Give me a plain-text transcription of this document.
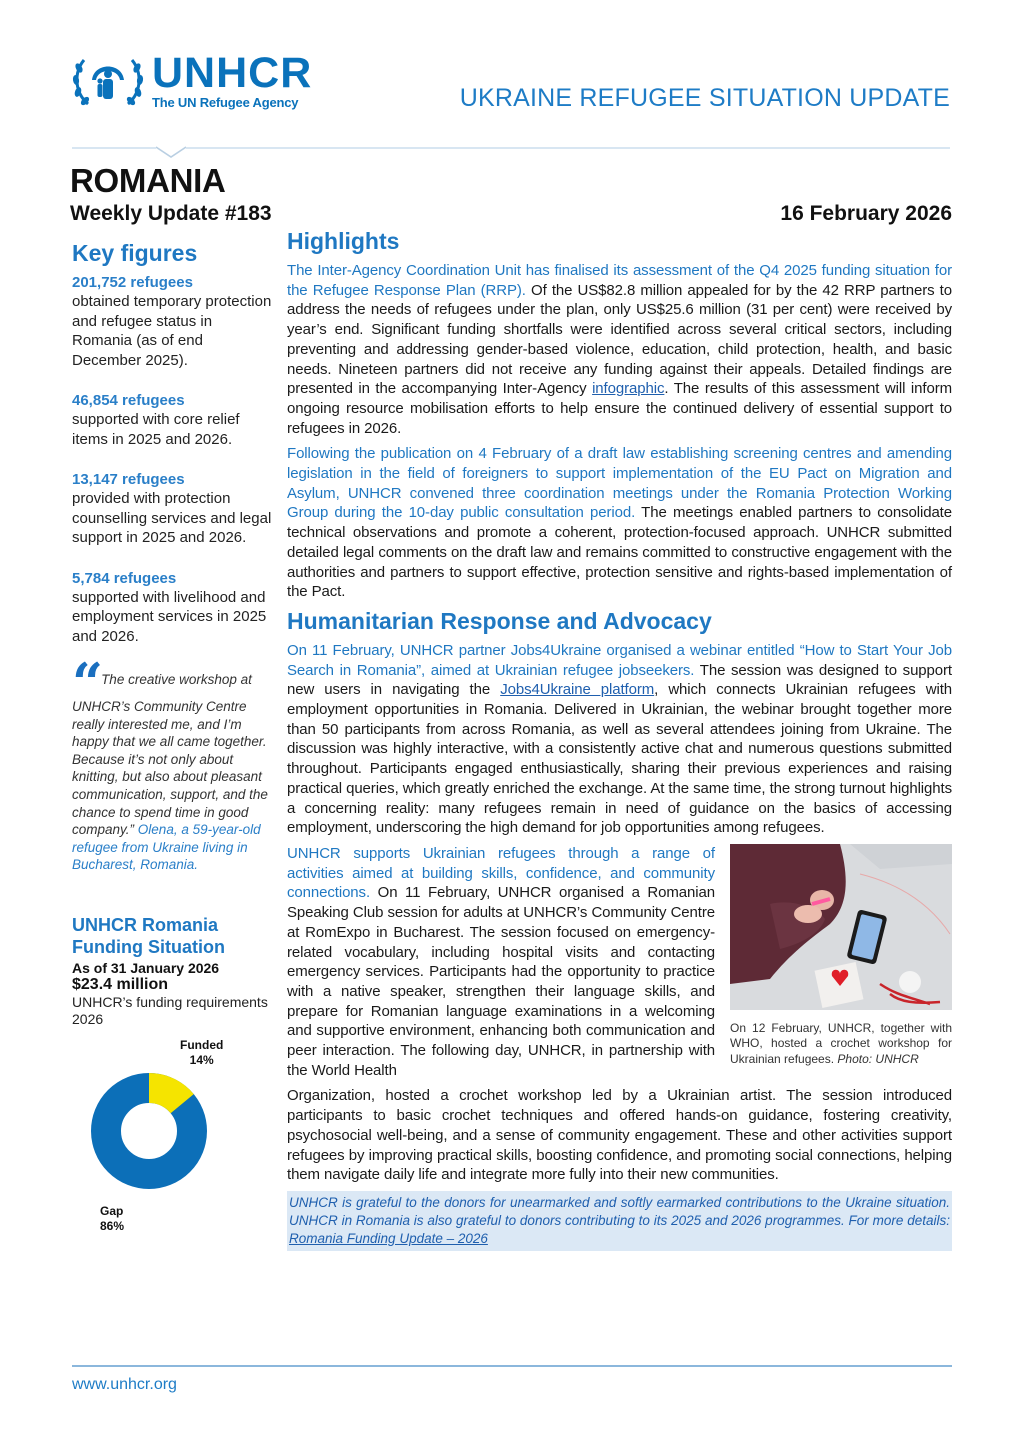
UNHCR
The UN Refugee Agency	UKRAINE REFUGEE SITUATION UPDATE
ROMANIA
Weekly Update #183	16 February 2026
Key figures
201,752 refugees
obtained temporary protection and refugee status in Romania (as of end December 2025).
46,854 refugees
supported with core relief items in 2025 and 2026.
13,147 refugees
provided with protection counselling services and legal support in 2025 and 2026.
5,784 refugees
supported with livelihood and employment services in 2025 and 2026.
“ The creative workshop at UNHCR’s Community Centre really interested me, and I’m happy that we all came together. Because it’s not only about knitting, but also about pleasant communication, support, and the chance to spend time in good company.” Olena, a 59-year-old refugee from Ukraine living in Bucharest, Romania.
UNHCR Romania Funding Situation
As of 31 January 2026
$23.4 million
UNHCR’s funding requirements 2026
Funded
14%
Gap
86%
Highlights

The Inter-Agency Coordination Unit has finalised its assessment of the Q4 2025 funding situation for the Refugee Response Plan (RRP). Of the US$82.8 million appealed for by the 42 RRP partners to address the needs of refugees under the plan, only US$25.6 million (31 per cent) were received by year’s end. Significant funding shortfalls were identified across several critical sectors, including preventing and addressing gender-based violence, education, child protection, health, and basic needs. Nineteen partners did not receive any funding against their appeals. Detailed findings are presented in the accompanying Inter-Agency infographic. The results of this assessment will inform ongoing resource mobilisation efforts to help ensure the continued delivery of essential support to refugees in 2026.

Following the publication on 4 February of a draft law establishing screening centres and amending legislation in the field of foreigners to support implementation of the EU Pact on Migration and Asylum, UNHCR convened three coordination meetings under the Romania Protection Working Group during the 10-day public consultation period. The meetings enabled partners to consolidate technical observations and promote a coherent, protection-focused approach. UNHCR submitted detailed legal comments on the draft law and remains committed to constructive engagement with the authorities and partners to support effective, protection sensitive and rights-based implementation of the Pact.

Humanitarian Response and Advocacy

On 11 February, UNHCR partner Jobs4Ukraine organised a webinar entitled “How to Start Your Job Search in Romania”, aimed at Ukrainian refugee jobseekers. The session was designed to support new users in navigating the Jobs4Ukraine platform, which connects Ukrainian refugees with employment opportunities in Romania. Delivered in Ukrainian, the webinar brought together more than 50 participants from across Romania, as well as several attendees joining from Ukraine. The discussion was highly interactive, with a consistently active chat and numerous questions submitted throughout. Participants engaged enthusiastically, sharing their previous experiences and raising practical queries, which greatly enriched the exchange. At the same time, the strong turnout highlights a concerning reality: many refugees remain in need of guidance on the basics of accessing employment, underscoring the high demand for job opportunities among refugees.

UNHCR supports Ukrainian refugees through a range of activities aimed at building skills, confidence, and community connections. On 11 February, UNHCR organised a Romanian Speaking Club session for adults at UNHCR’s Community Centre at RomExpo in Bucharest. The session focused on emergency-related vocabulary, including hospital visits and contacting emergency services. Participants had the opportunity to practice with a native speaker, strengthen their language skills, and prepare for Romanian language examinations in a welcoming and supportive environment, enhancing both communication and peer interaction. The following day, UNHCR, in partnership with the World Health

On 12 February, UNHCR, together with WHO, hosted a crochet workshop for Ukrainian refugees. Photo: UNHCR

Organization, hosted a crochet workshop led by a Ukrainian artist. The session introduced participants to basic crochet techniques and offered hands-on guidance, fostering creativity, psychosocial well-being, and a sense of community engagement. These and other activities support refugees by improving practical skills, boosting confidence, and promoting social connections, helping them navigate daily life and integrate more fully into their new communities.

UNHCR is grateful to the donors for unearmarked and softly earmarked contributions to the Ukraine situation. UNHCR in Romania is also grateful to donors contributing to its 2025 and 2026 programmes. For more details: Romania Funding Update – 2026
www.unhcr.org
